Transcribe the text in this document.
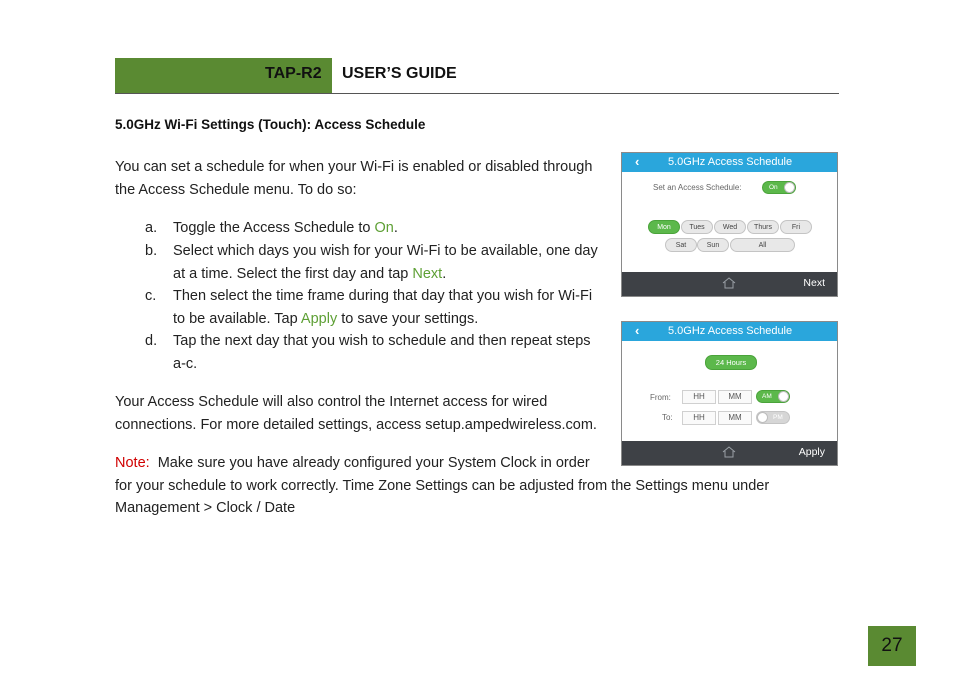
TAP-R2 USER’S GUIDE
5.0GHz Wi-Fi Settings (Touch): Access Schedule
You can set a schedule for when your Wi-Fi is enabled or disabled through
the Access Schedule menu. To do so:
a. Toggle the Access Schedule to On.
b. Select which days you wish for your Wi-Fi to be available, one day
at a time. Select the first day and tap Next.
c. Then select the time frame during that day that you wish for Wi-Fi
to be available. Tap Apply to save your settings.
d. Tap the next day that you wish to schedule and then repeat steps
a-c.
Your Access Schedule will also control the Internet access for wired
connections. For more detailed settings, access setup.ampedwireless.com.
Note:  Make sure you have already configured your System Clock in order
for your schedule to work correctly. Time Zone Settings can be adjusted from the Settings menu under
Management > Clock / Date
‹	5.0GHz Access Schedule
Set an Access Schedule:	On
Mon	Tues	Wed	Thurs	Fri
Sat	Sun	All
Next
‹	5.0GHz Access Schedule
24 Hours
From:	HH	MM	AM
To:	HH	MM	PM
Apply
27
